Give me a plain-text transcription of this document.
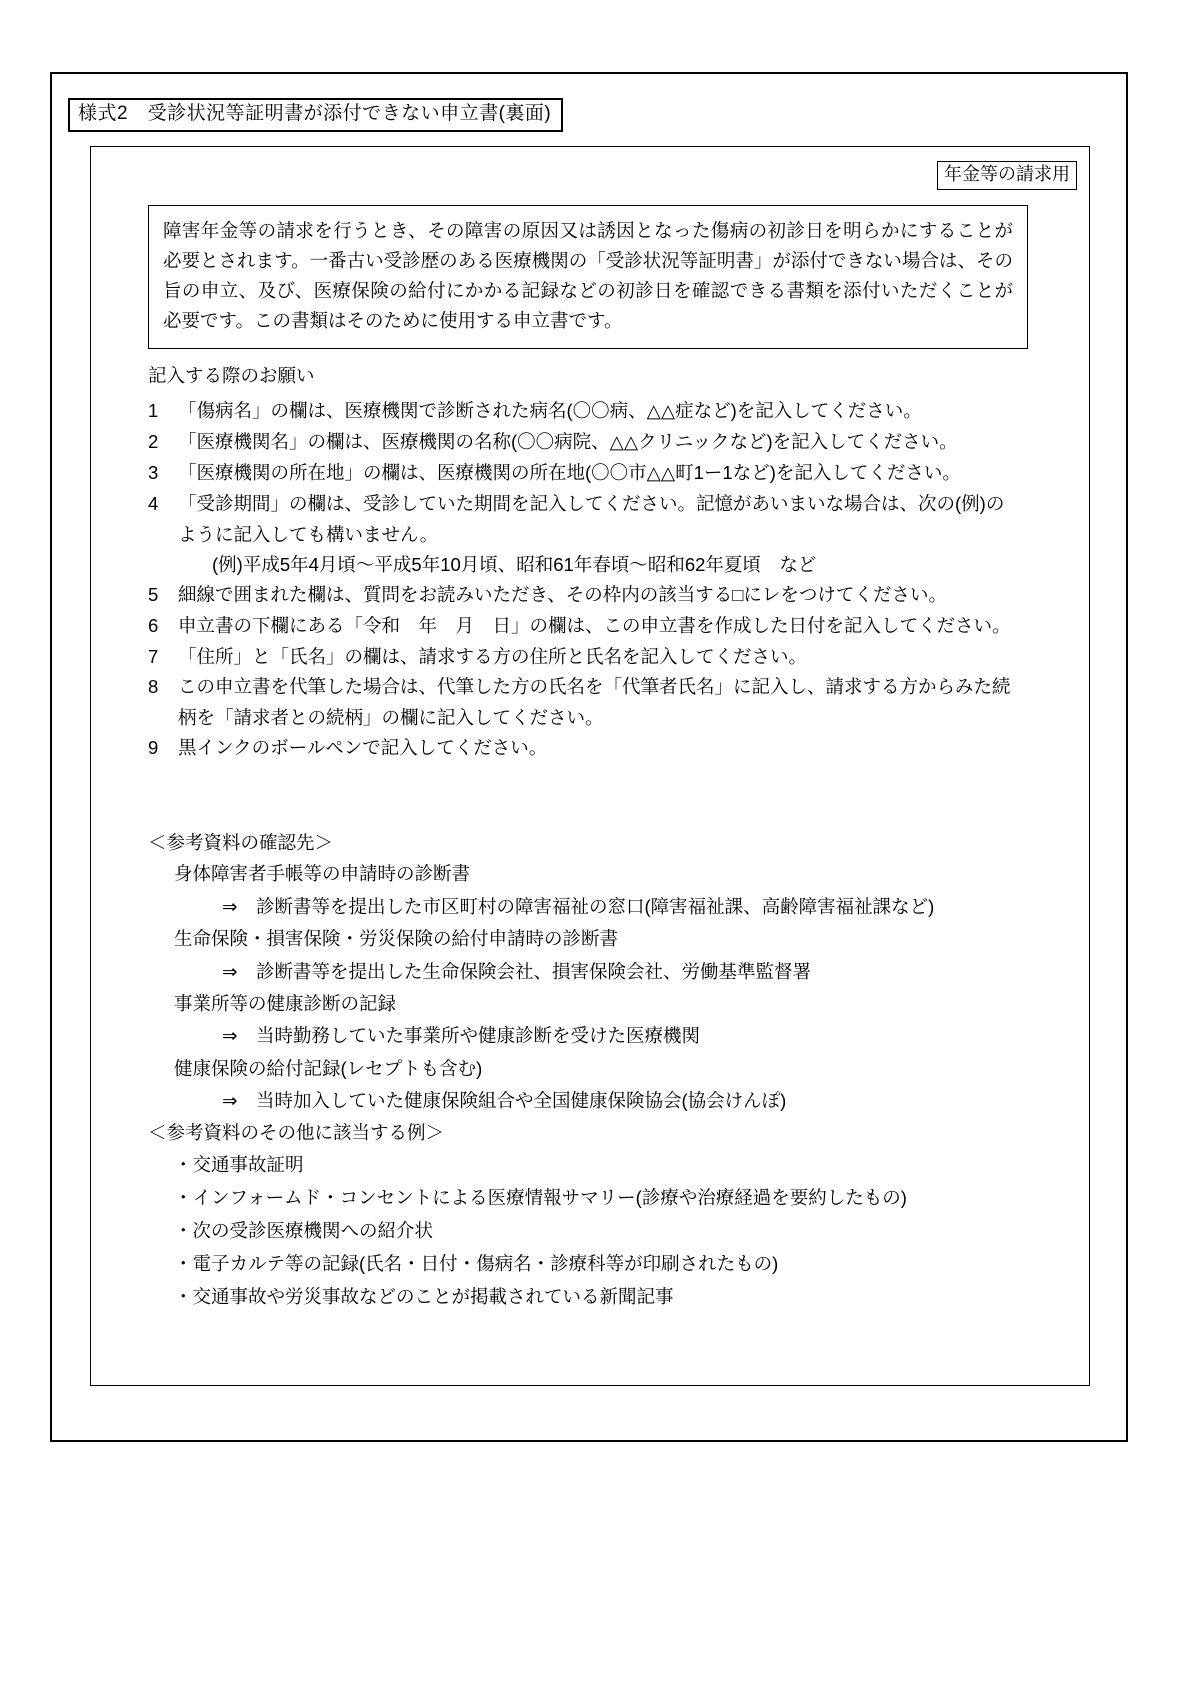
様式2　受診状況等証明書が添付できない申立書(裏面)
年金等の請求用

障害年金等の請求を行うとき、その障害の原因又は誘因となった傷病の初診日を明らかにすることが必要とされます。一番古い受診歴のある医療機関の「受診状況等証明書」が添付できない場合は、その旨の申立、及び、医療保険の給付にかかる記録などの初診日を確認できる書類を添付いただくことが必要です。この書類はそのために使用する申立書です。

記入する際のお願い
1	「傷病名」の欄は、医療機関で診断された病名(〇〇病、△△症など)を記入してください。
2	「医療機関名」の欄は、医療機関の名称(〇〇病院、△△クリニックなど)を記入してください。
3	「医療機関の所在地」の欄は、医療機関の所在地(〇〇市△△町1ー1など)を記入してください。
4	「受診期間」の欄は、受診していた期間を記入してください。記憶があいまいな場合は、次の(例)の
ように記入しても構いません。
(例)平成5年4月頃～平成5年10月頃、昭和61年春頃～昭和62年夏頃　など
5	細線で囲まれた欄は、質問をお読みいただき、その枠内の該当する□にレをつけてください。
6	申立書の下欄にある「令和　年　月　日」の欄は、この申立書を作成した日付を記入してください。
7	「住所」と「氏名」の欄は、請求する方の住所と氏名を記入してください。
8	この申立書を代筆した場合は、代筆した方の氏名を「代筆者氏名」に記入し、請求する方からみた続
柄を「請求者との続柄」の欄に記入してください。
9	黒インクのボールペンで記入してください。
＜参考資料の確認先＞
身体障害者手帳等の申請時の診断書
⇒　診断書等を提出した市区町村の障害福祉の窓口(障害福祉課、高齢障害福祉課など)
生命保険・損害保険・労災保険の給付申請時の診断書
⇒　診断書等を提出した生命保険会社、損害保険会社、労働基準監督署
事業所等の健康診断の記録
⇒　当時勤務していた事業所や健康診断を受けた医療機関
健康保険の給付記録(レセプトも含む)
⇒　当時加入していた健康保険組合や全国健康保険協会(協会けんぽ)
＜参考資料のその他に該当する例＞
・交通事故証明
・インフォームド・コンセントによる医療情報サマリー(診療や治療経過を要約したもの)
・次の受診医療機関への紹介状
・電子カルテ等の記録(氏名・日付・傷病名・診療科等が印刷されたもの)
・交通事故や労災事故などのことが掲載されている新聞記事
